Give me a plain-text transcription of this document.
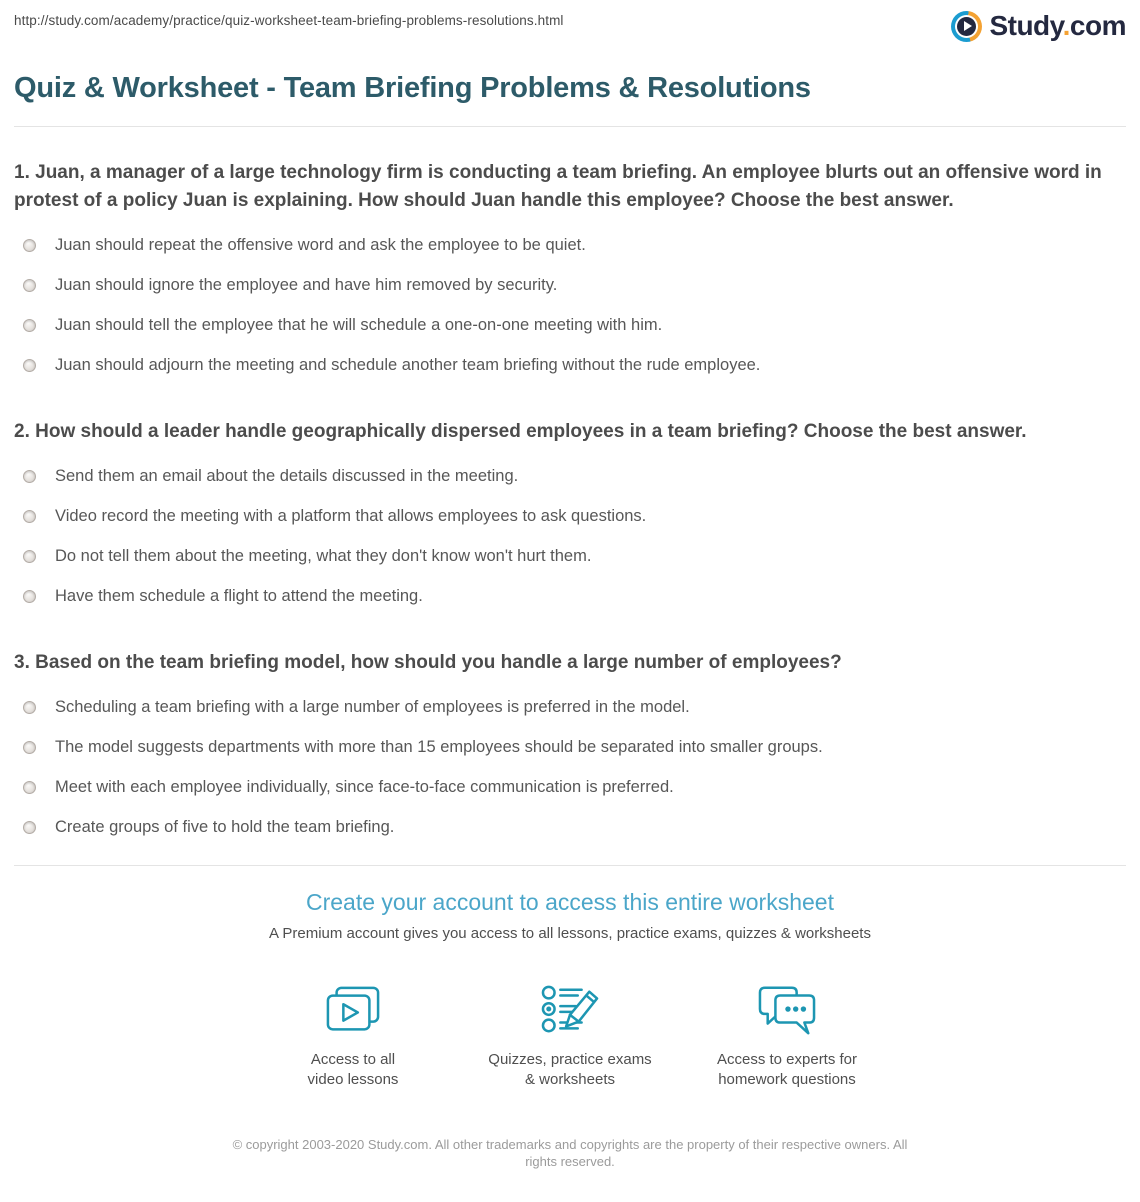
http://study.com/academy/practice/quiz-worksheet-team-briefing-problems-resolutions.html	Study.com
Quiz & Worksheet - Team Briefing Problems & Resolutions
1. Juan, a manager of a large technology firm is conducting a team briefing. An employee blurts out an offensive word in protest of a policy Juan is explaining. How should Juan handle this employee? Choose the best answer.
Juan should repeat the offensive word and ask the employee to be quiet.
Juan should ignore the employee and have him removed by security.
Juan should tell the employee that he will schedule a one-on-one meeting with him.
Juan should adjourn the meeting and schedule another team briefing without the rude employee.
2. How should a leader handle geographically dispersed employees in a team briefing? Choose the best answer.
Send them an email about the details discussed in the meeting.
Video record the meeting with a platform that allows employees to ask questions.
Do not tell them about the meeting, what they don't know won't hurt them.
Have them schedule a flight to attend the meeting.
3. Based on the team briefing model, how should you handle a large number of employees?
Scheduling a team briefing with a large number of employees is preferred in the model.
The model suggests departments with more than 15 employees should be separated into smaller groups.
Meet with each employee individually, since face-to-face communication is preferred.
Create groups of five to hold the team briefing.
Create your account to access this entire worksheet

A Premium account gives you access to all lessons, practice exams, quizzes & worksheets

Access to all
video lessons
Quizzes, practice exams
& worksheets
Access to experts for
homework questions
© copyright 2003-2020 Study.com. All other trademarks and copyrights are the property of their respective owners. All rights reserved.
